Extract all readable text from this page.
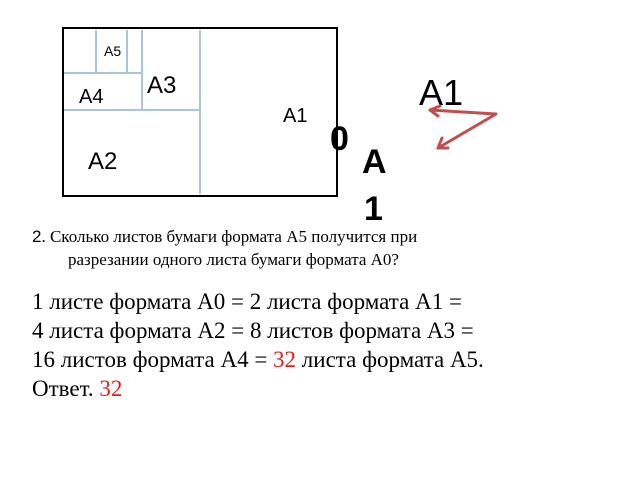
А5
А3
А4
А1
А2
0
А1
А
1
2. Сколько листов бумаги формата А5 получится при
разрезании одного листа бумаги формата А0?
1 листе формата А0 = 2 листа формата А1 =
4 листа формата А2 = 8 листов формата А3 =
16 листов формата А4 = 32 листа формата А5.
Ответ. 32
